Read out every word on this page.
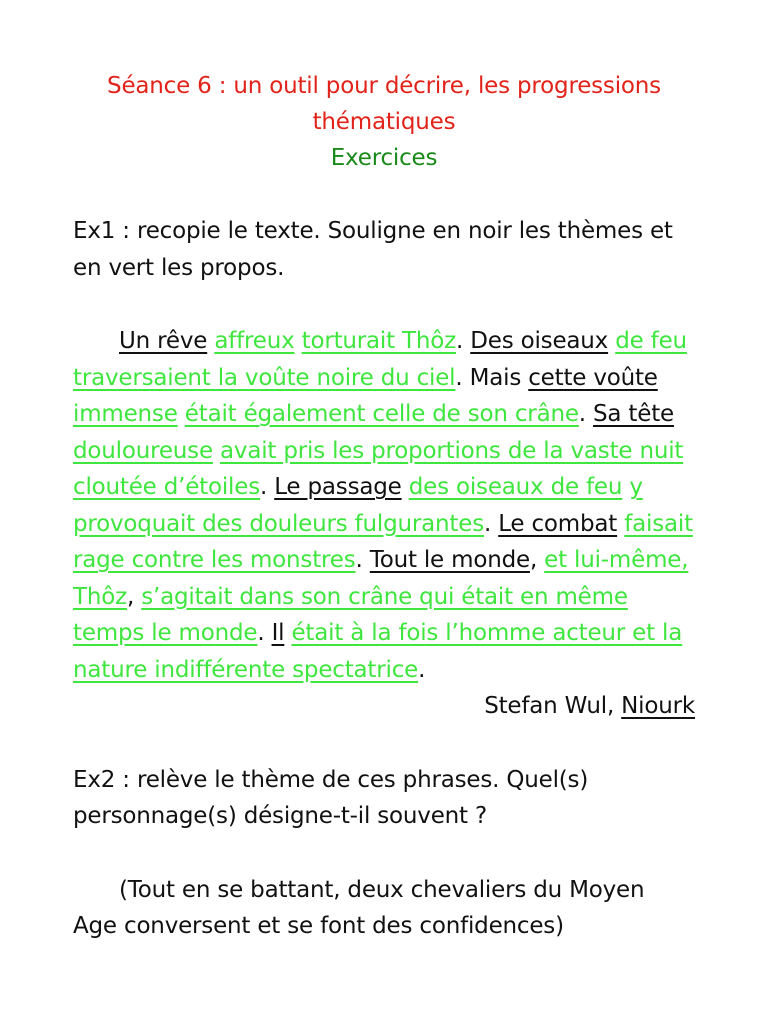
Séance 6 : un outil pour décrire, les progressions thématiques
Exercices
Ex1 : recopie le texte. Souligne en noir les thèmes et en vert les propos.
Un rêve affreux torturait Thôz. Des oiseaux de feu traversaient la voûte noire du ciel. Mais cette voûte immense était également celle de son crâne. Sa tête douloureuse avait pris les proportions de la vaste nuit cloutée d’étoiles. Le passage des oiseaux de feu y provoquait des douleurs fulgurantes. Le combat faisait rage contre les monstres. Tout le monde, et lui-même, Thôz, s’agitait dans son crâne qui était en même temps le monde. Il était à la fois l’homme acteur et la nature indifférente spectatrice.
Stefan Wul, Niourk
Ex2 : relève le thème de ces phrases. Quel(s) personnage(s) désigne-t-il souvent ?
(Tout en se battant, deux chevaliers du Moyen Age conversent et se font des confidences)
